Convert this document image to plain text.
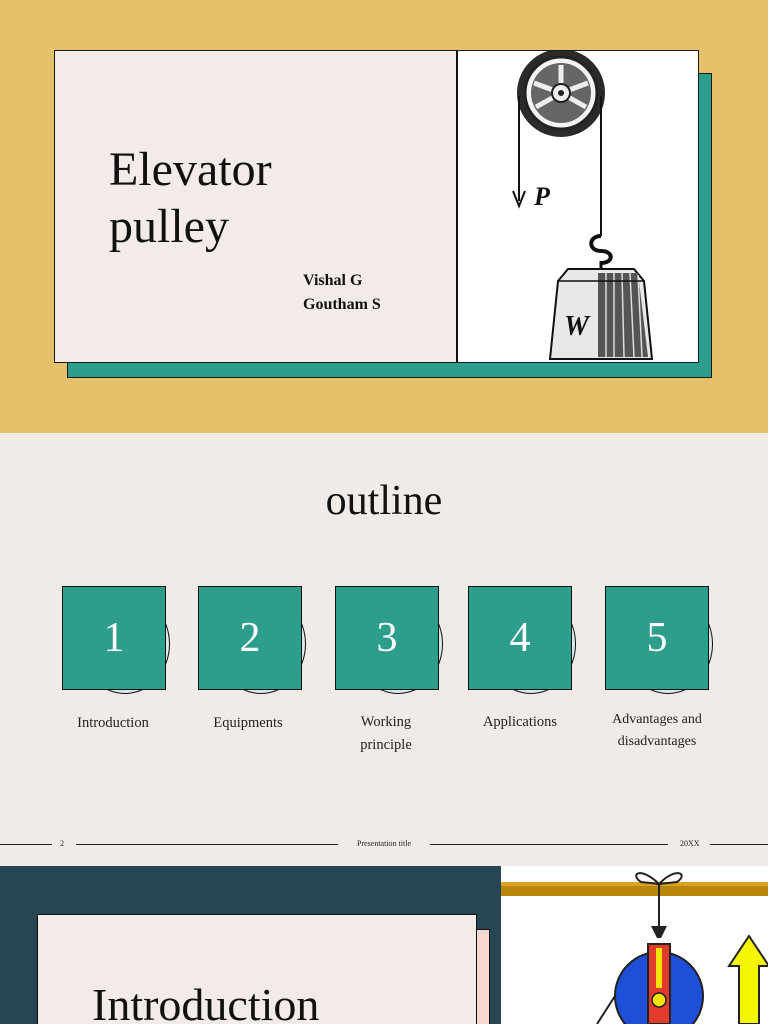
Elevator
pulley
Vishal G
Goutham S
P
W
outline
1	2	3	4	5
Introduction	Equipments	Working
principle
Applications	Advantages and
disadvantages
2	Presentation title	20XX
Introduction
